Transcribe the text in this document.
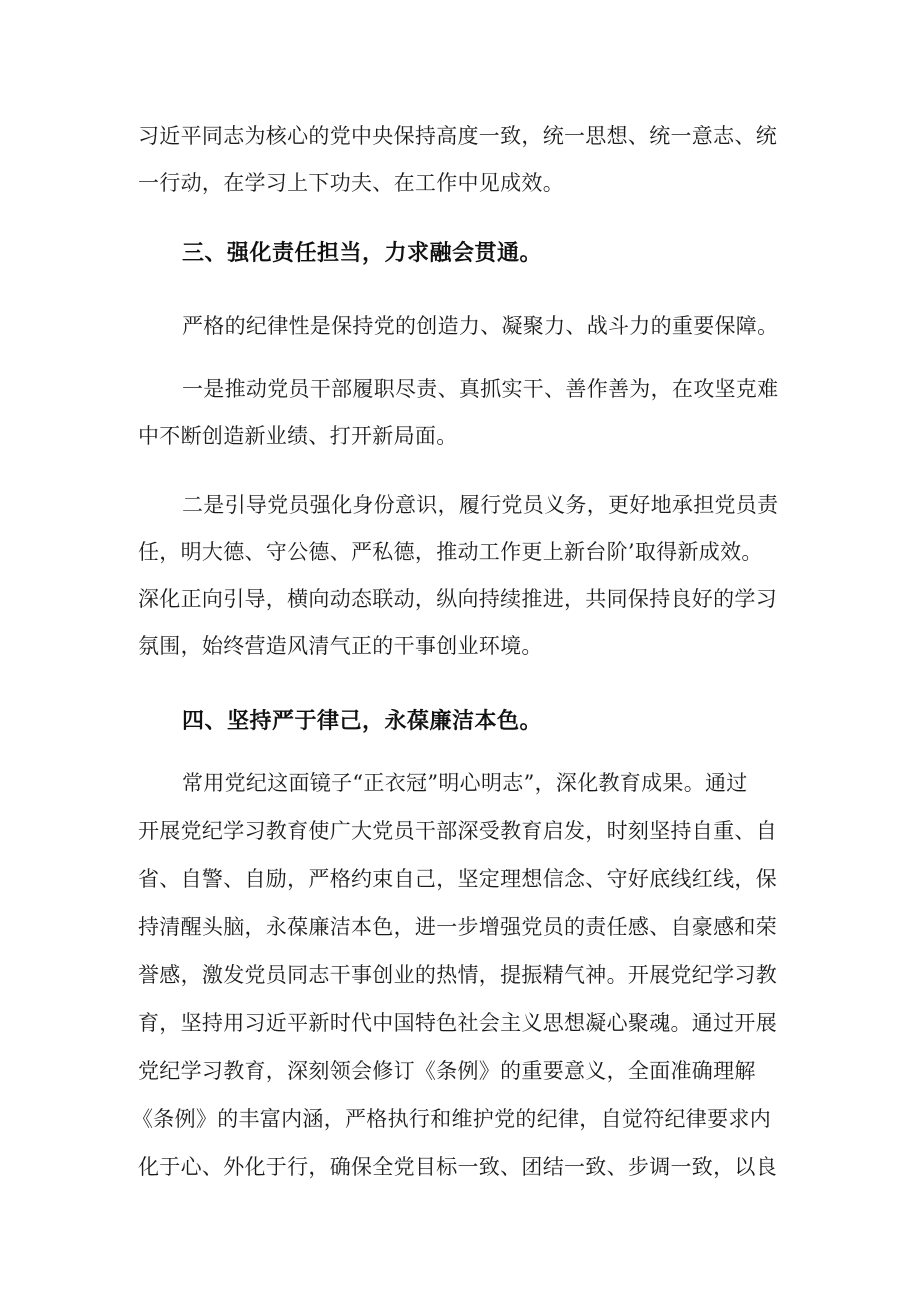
习近平同志为核心的党中央保持高度一致，统一思想、统一意志、统

一行动，在学习上下功夫、在工作中见成效。

三、强化责任担当，力求融会贯通。

严格的纪律性是保持党的创造力、凝聚力、战斗力的重要保障。

一是推动党员干部履职尽责、真抓实干、善作善为，在攻坚克难

中不断创造新业绩、打开新局面。

二是引导党员强化身份意识，履行党员义务，更好地承担党员责

任，明大德、守公德、严私德，推动工作更上新台阶’取得新成效。

深化正向引导，横向动态联动，纵向持续推进，共同保持良好的学习

氛围，始终营造风清气正的干事创业环境。

四、坚持严于律己，永葆廉洁本色。

常用党纪这面镜子“正衣冠”明心明志”，深化教育成果。通过

开展党纪学习教育使广大党员干部深受教育启发，时刻坚持自重、自

省、自警、自励，严格约束自己，坚定理想信念、守好底线红线，保

持清醒头脑，永葆廉洁本色，进一步增强党员的责任感、自豪感和荣

誉感，激发党员同志干事创业的热情，提振精气神。开展党纪学习教

育，坚持用习近平新时代中国特色社会主义思想凝心聚魂。通过开展

党纪学习教育，深刻领会修订《条例》的重要意义，全面准确理解

《条例》的丰富内涵，严格执行和维护党的纪律，自觉符纪律要求内

化于心、外化于行，确保全党目标一致、团结一致、步调一致，以良
